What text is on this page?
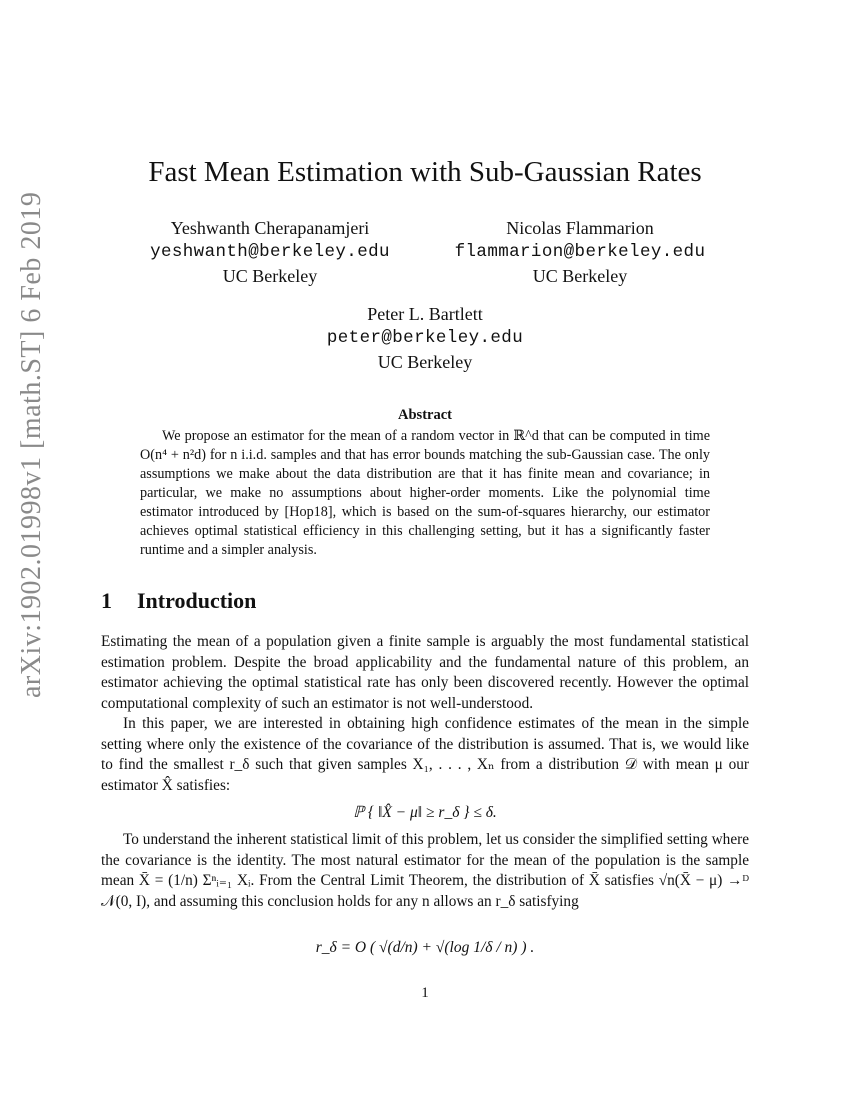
arXiv:1902.01998v1 [math.ST] 6 Feb 2019
Fast Mean Estimation with Sub-Gaussian Rates
Yeshwanth Cherapanamjeri
yeshwanth@berkeley.edu
UC Berkeley
Nicolas Flammarion
flammarion@berkeley.edu
UC Berkeley
Peter L. Bartlett
peter@berkeley.edu
UC Berkeley
Abstract

We propose an estimator for the mean of a random vector in ℝ^d that can be computed in time O(n⁴ + n²d) for n i.i.d. samples and that has error bounds matching the sub-Gaussian case. The only assumptions we make about the data distribution are that it has finite mean and covariance; in particular, we make no assumptions about higher-order moments. Like the polynomial time estimator introduced by [Hop18], which is based on the sum-of-squares hierarchy, our estimator achieves optimal statistical efficiency in this challenging setting, but it has a significantly faster runtime and a simpler analysis.

1 Introduction

Estimating the mean of a population given a finite sample is arguably the most fundamental statistical estimation problem. Despite the broad applicability and the fundamental nature of this problem, an estimator achieving the optimal statistical rate has only been discovered recently. However the optimal computational complexity of such an estimator is not well-understood.

In this paper, we are interested in obtaining high confidence estimates of the mean in the simple setting where only the existence of the covariance of the distribution is assumed. That is, we would like to find the smallest r_δ such that given samples X₁, . . . , Xₙ from a distribution 𝒟 with mean μ our estimator X̂ satisfies:

ℙ { ‖X̂ − μ‖ ≥ r_δ } ≤ δ.

To understand the inherent statistical limit of this problem, let us consider the simplified setting where the covariance is the identity. The most natural estimator for the mean of the population is the sample mean X̄ = (1/n) Σⁿᵢ₌₁ Xᵢ. From the Central Limit Theorem, the distribution of X̄ satisfies √n(X̄ − μ) →ᴰ 𝒩(0, I), and assuming this conclusion holds for any n allows an r_δ satisfying

r_δ = O ( √(d/n) + √(log 1/δ / n) ) .
1
